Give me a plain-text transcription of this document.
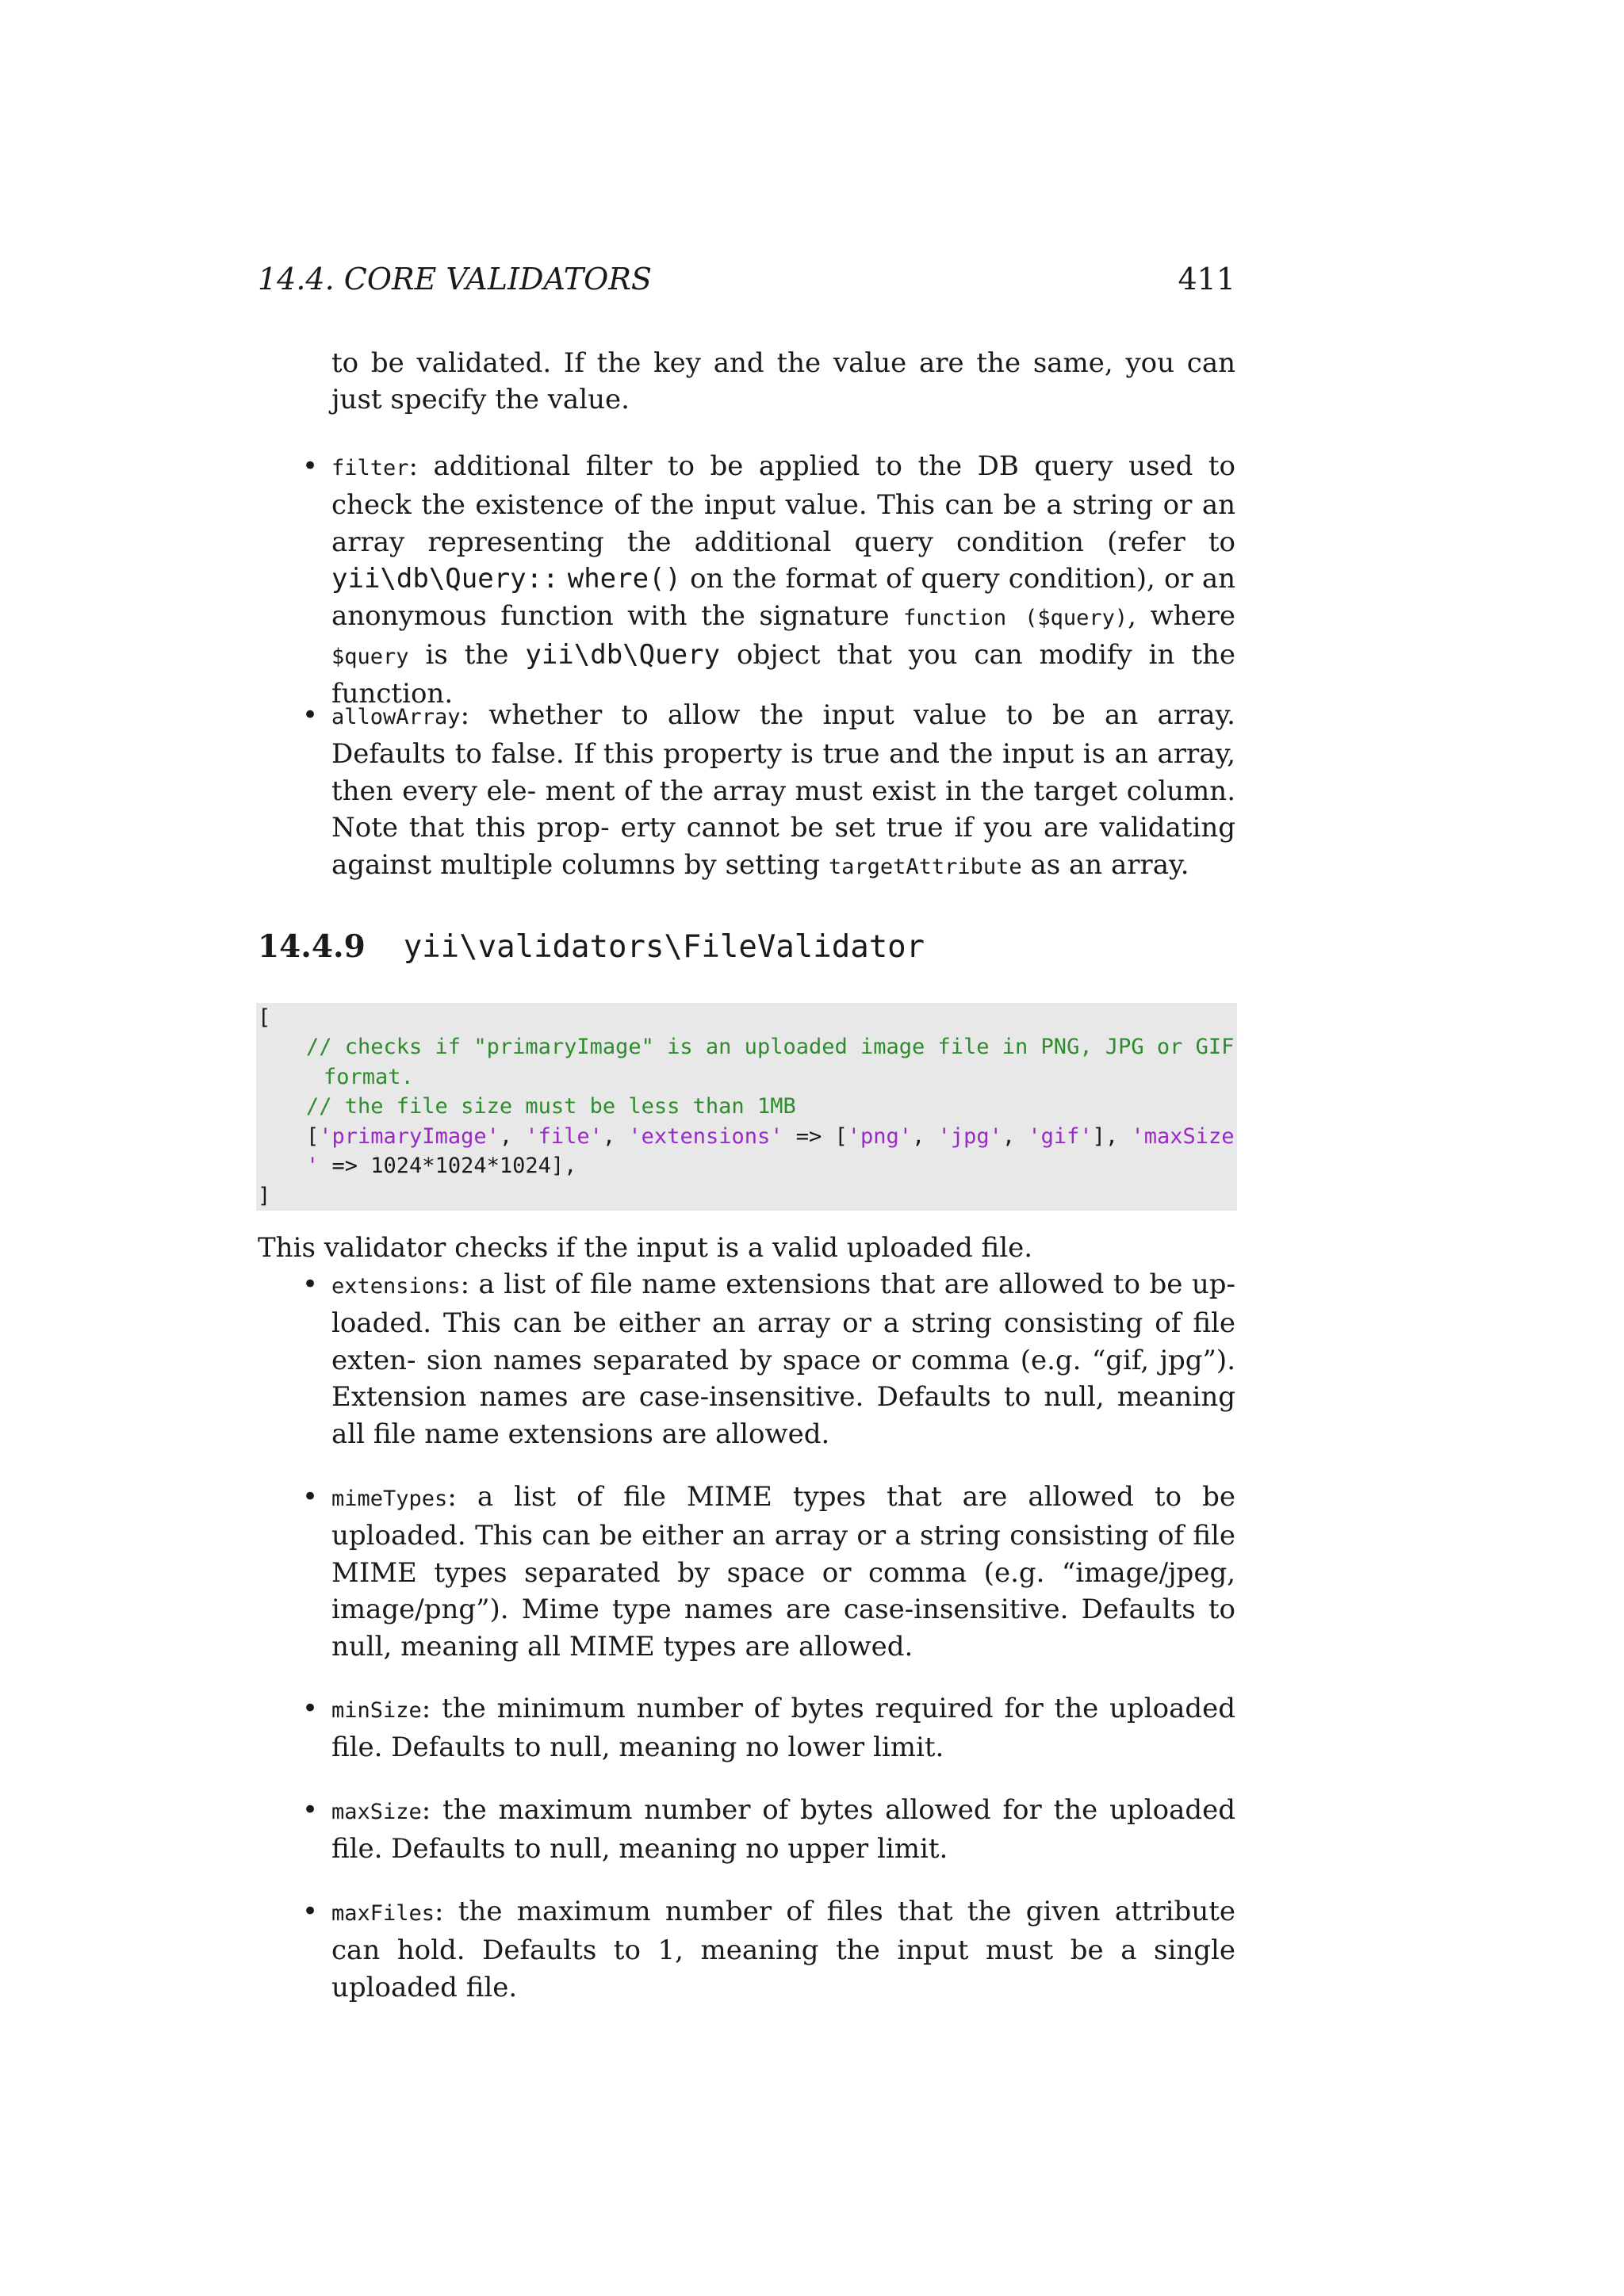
14.4. CORE VALIDATORS	411

to be validated. If the key and the value are the same, you can just specify the value.

• filter: additional filter to be applied to the DB query used to check the existence of the input value. This can be a string or an array representing the additional query condition (refer to yii\db\Query:: where() on the format of query condition), or an anonymous function with the signature function ($query), where $query is the yii\db\Query object that you can modify in the function.

• allowArray: whether to allow the input value to be an array. Defaults to false. If this property is true and the input is an array, then every ele- ment of the array must exist in the target column. Note that this prop- erty cannot be set true if you are validating against multiple columns by setting targetAttribute as an array.

14.4.9 yii\validators\FileValidator
[
// checks if "primaryImage" is an uploaded image file in PNG, JPG or GIF
format.
// the file size must be less than 1MB
['primaryImage', 'file', 'extensions' => ['png', 'jpg', 'gif'], 'maxSize
' => 1024*1024*1024],
]

This validator checks if the input is a valid uploaded file.

• extensions: a list of file name extensions that are allowed to be up- loaded. This can be either an array or a string consisting of file exten- sion names separated by space or comma (e.g. “gif, jpg”). Extension names are case-insensitive. Defaults to null, meaning all file name extensions are allowed.

• mimeTypes: a list of file MIME types that are allowed to be uploaded. This can be either an array or a string consisting of file MIME types separated by space or comma (e.g. “image/jpeg, image/png”). Mime type names are case-insensitive. Defaults to null, meaning all MIME types are allowed.

• minSize: the minimum number of bytes required for the uploaded file. Defaults to null, meaning no lower limit.

• maxSize: the maximum number of bytes allowed for the uploaded file. Defaults to null, meaning no upper limit.

• maxFiles: the maximum number of files that the given attribute can hold. Defaults to 1, meaning the input must be a single uploaded file.
